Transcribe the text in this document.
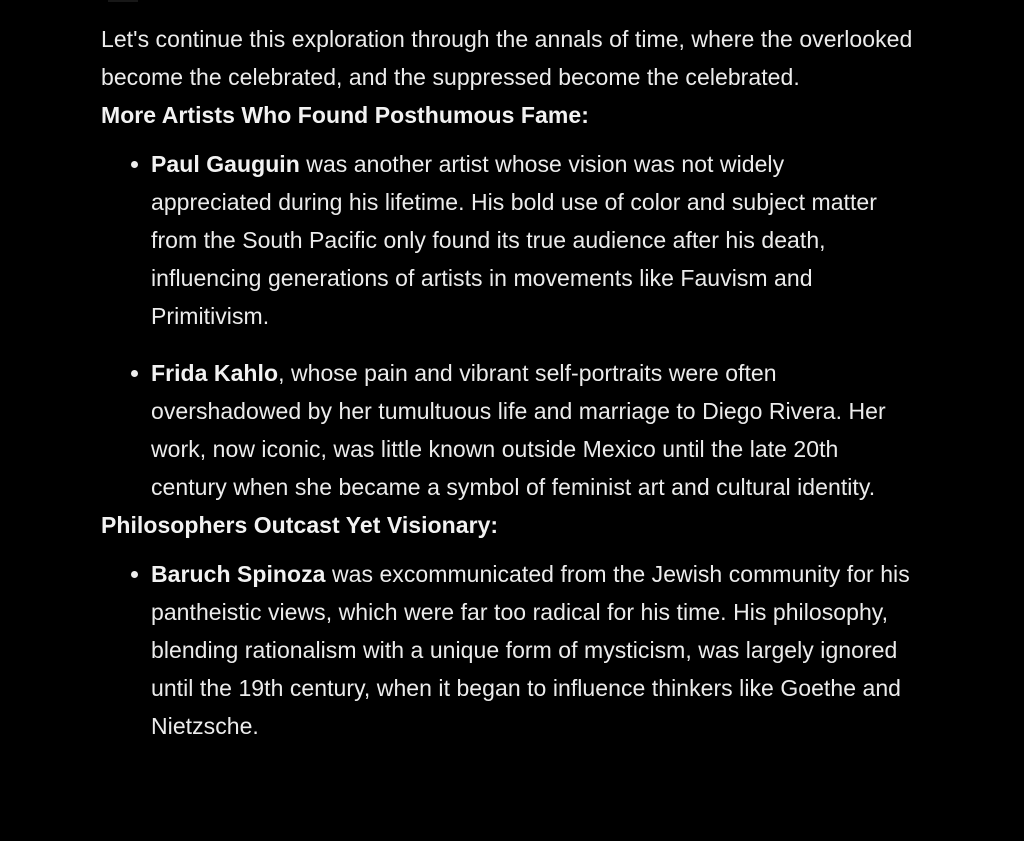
Let's continue this exploration through the annals of time, where the overlooked become the celebrated, and the suppressed become the celebrated.

More Artists Who Found Posthumous Fame:

Paul Gauguin was another artist whose vision was not widely appreciated during his lifetime. His bold use of color and subject matter from the South Pacific only found its true audience after his death, influencing generations of artists in movements like Fauvism and Primitivism.
Frida Kahlo, whose pain and vibrant self-portraits were often overshadowed by her tumultuous life and marriage to Diego Rivera. Her work, now iconic, was little known outside Mexico until the late 20th century when she became a symbol of feminist art and cultural identity.

Philosophers Outcast Yet Visionary:

Baruch Spinoza was excommunicated from the Jewish community for his pantheistic views, which were far too radical for his time. His philosophy, blending rationalism with a unique form of mysticism, was largely ignored until the 19th century, when it began to influence thinkers like Goethe and Nietzsche.
